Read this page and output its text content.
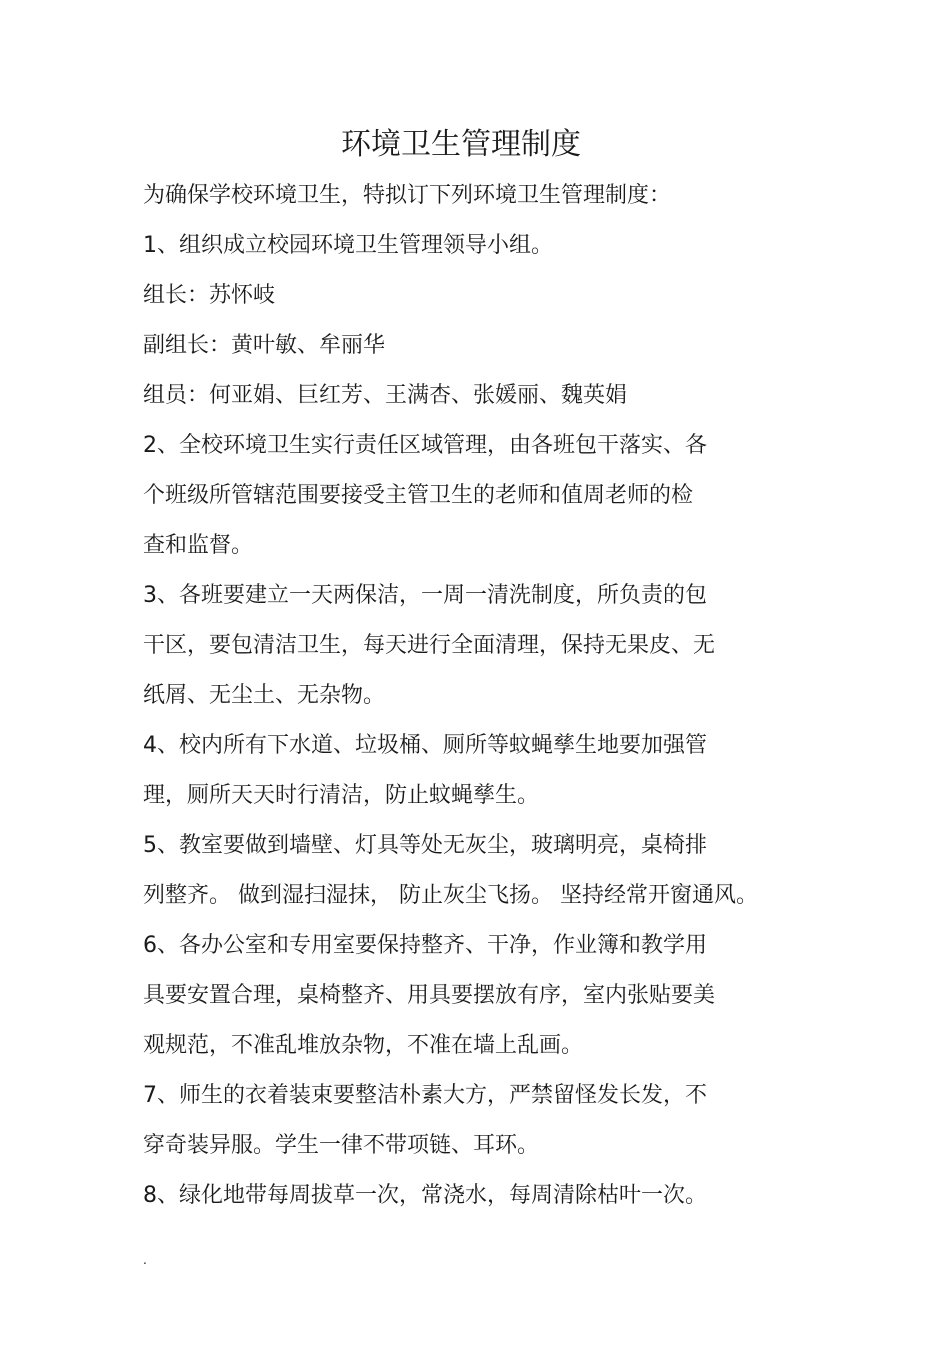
环境卫生管理制度
为确保学校环境卫生，特拟订下列环境卫生管理制度：
1、组织成立校园环境卫生管理领导小组。
组长：苏怀岐
副组长：黄叶敏、牟丽华
组员：何亚娟、巨红芳、王满杏、张媛丽、魏英娟
2、全校环境卫生实行责任区域管理，由各班包干落实、各
个班级所管辖范围要接受主管卫生的老师和值周老师的检
查和监督。
3、各班要建立一天两保洁，一周一清洗制度，所负责的包
干区，要包清洁卫生，每天进行全面清理，保持无果皮、无
纸屑、无尘土、无杂物。
4、校内所有下水道、垃圾桶、厕所等蚊蝇孳生地要加强管
理，厕所天天时行清洁，防止蚊蝇孳生。
5、教室要做到墙壁、灯具等处无灰尘，玻璃明亮，桌椅排
列整齐。 做到湿扫湿抹， 防止灰尘飞扬。 坚持经常开窗通风。
6、各办公室和专用室要保持整齐、干净，作业簿和教学用
具要安置合理，桌椅整齐、用具要摆放有序，室内张贴要美
观规范，不准乱堆放杂物，不准在墙上乱画。
7、师生的衣着装束要整洁朴素大方，严禁留怪发长发，不
穿奇装异服。学生一律不带项链、耳环。
8、绿化地带每周拔草一次，常浇水，每周清除枯叶一次。
.
